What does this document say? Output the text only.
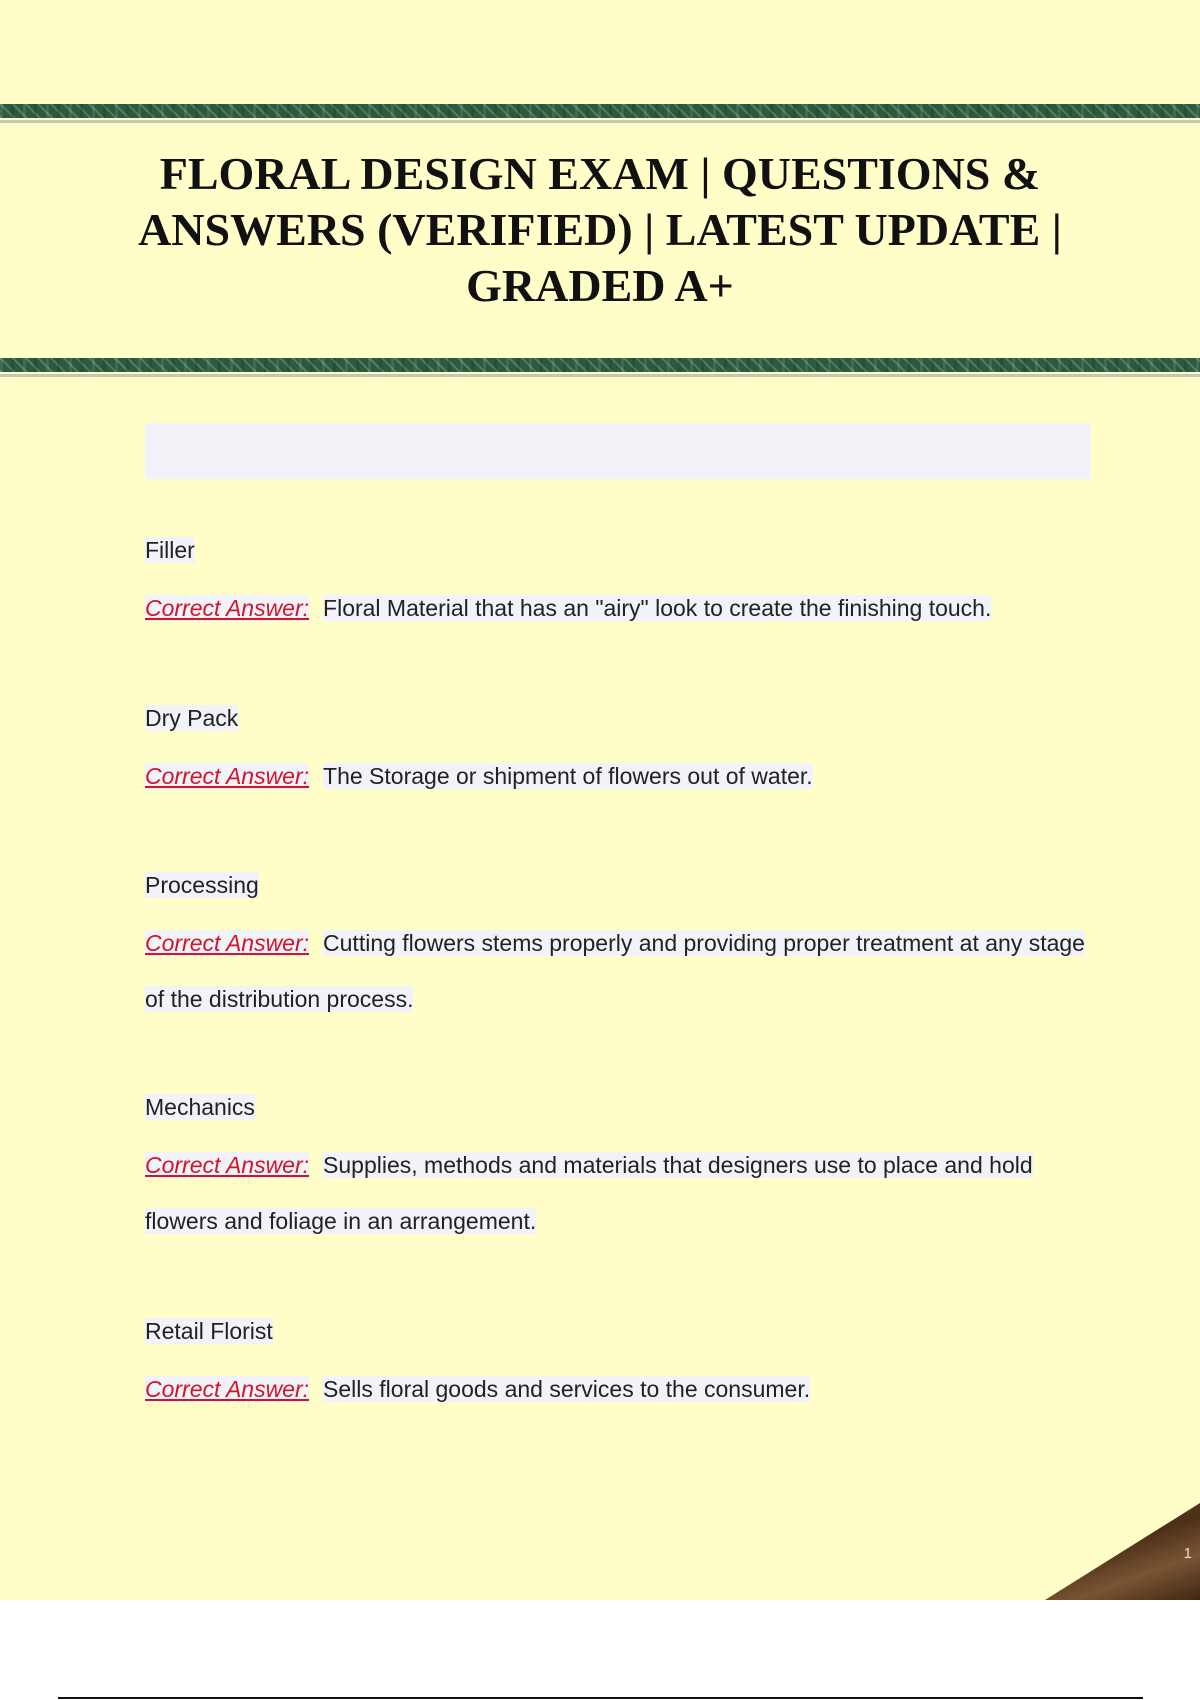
FLORAL DESIGN EXAM | QUESTIONS & ANSWERS (VERIFIED) | LATEST UPDATE | GRADED A+

Filler

Correct Answer: Floral Material that has an "airy" look to create the finishing touch.

Dry Pack

Correct Answer: The Storage or shipment of flowers out of water.

Processing

Correct Answer: Cutting flowers stems properly and providing proper treatment at any stage of the distribution process.

Mechanics

Correct Answer: Supplies, methods and materials that designers use to place and hold flowers and foliage in an arrangement.

Retail Florist

Correct Answer: Sells floral goods and services to the consumer.

1
